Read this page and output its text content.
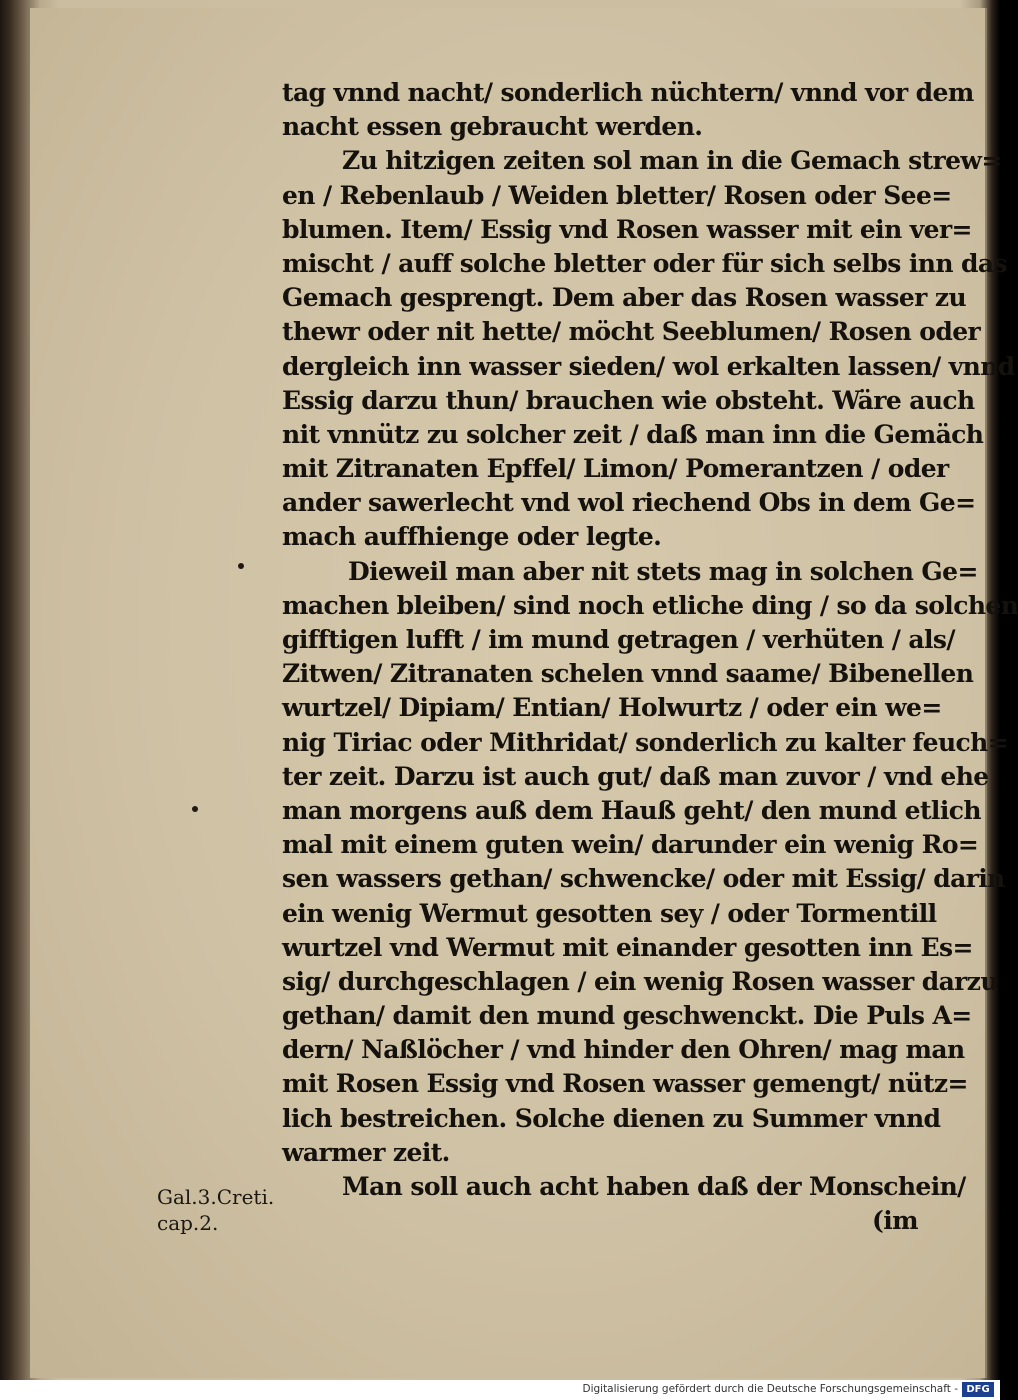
tag vnnd nacht/ sonderlich nüchtern/ vnnd vor dem
nacht essen gebraucht werden.
Zu hitzigen zeiten sol man in die Gemach strew=
en / Rebenlaub / Weiden bletter/ Rosen oder See=
blumen. Item/ Essig vnd Rosen wasser mit ein ver=
mischt / auff solche bletter oder für sich selbs inn das
Gemach gesprengt. Dem aber das Rosen wasser zu
thewr oder nit hette/ möcht Seeblumen/ Rosen oder
dergleich inn wasser sieden/ wol erkalten lassen/ vnnd
Essig darzu thun/ brauchen wie obsteht. Wäre auch
nit vnnütz zu solcher zeit / daß man inn die Gemäch
mit Zitranaten Epffel/ Limon/ Pomerantzen / oder
ander sawerlecht vnd wol riechend Obs in dem Ge=
mach auffhienge oder legte.
Dieweil man aber nit stets mag in solchen Ge=
machen bleiben/ sind noch etliche ding / so da solchen
gifftigen lufft / im mund getragen / verhüten / als/
Zitwen/ Zitranaten schelen vnnd saame/ Bibenellen
wurtzel/ Dipiam/ Entian/ Holwurtz / oder ein we=
nig Tiriac oder Mithridat/ sonderlich zu kalter feuch=
ter zeit. Darzu ist auch gut/ daß man zuvor / vnd ehe
man morgens auß dem Hauß geht/ den mund etlich
mal mit einem guten wein/ darunder ein wenig Ro=
sen wassers gethan/ schwencke/ oder mit Essig/ darin
ein wenig Wermut gesotten sey / oder Tormentill
wurtzel vnd Wermut mit einander gesotten inn Es=
sig/ durchgeschlagen / ein wenig Rosen wasser darzu
gethan/ damit den mund geschwenckt. Die Puls A=
dern/ Naßlöcher / vnd hinder den Ohren/ mag man
mit Rosen Essig vnd Rosen wasser gemengt/ nütz=
lich bestreichen. Solche dienen zu Summer vnnd
warmer zeit.
Man soll auch acht haben daß der Monschein/
(im
Gal.3.Creti.
cap.2.
Digitalisierung gefördert durch die Deutsche Forschungsgemeinschaft - DFG
